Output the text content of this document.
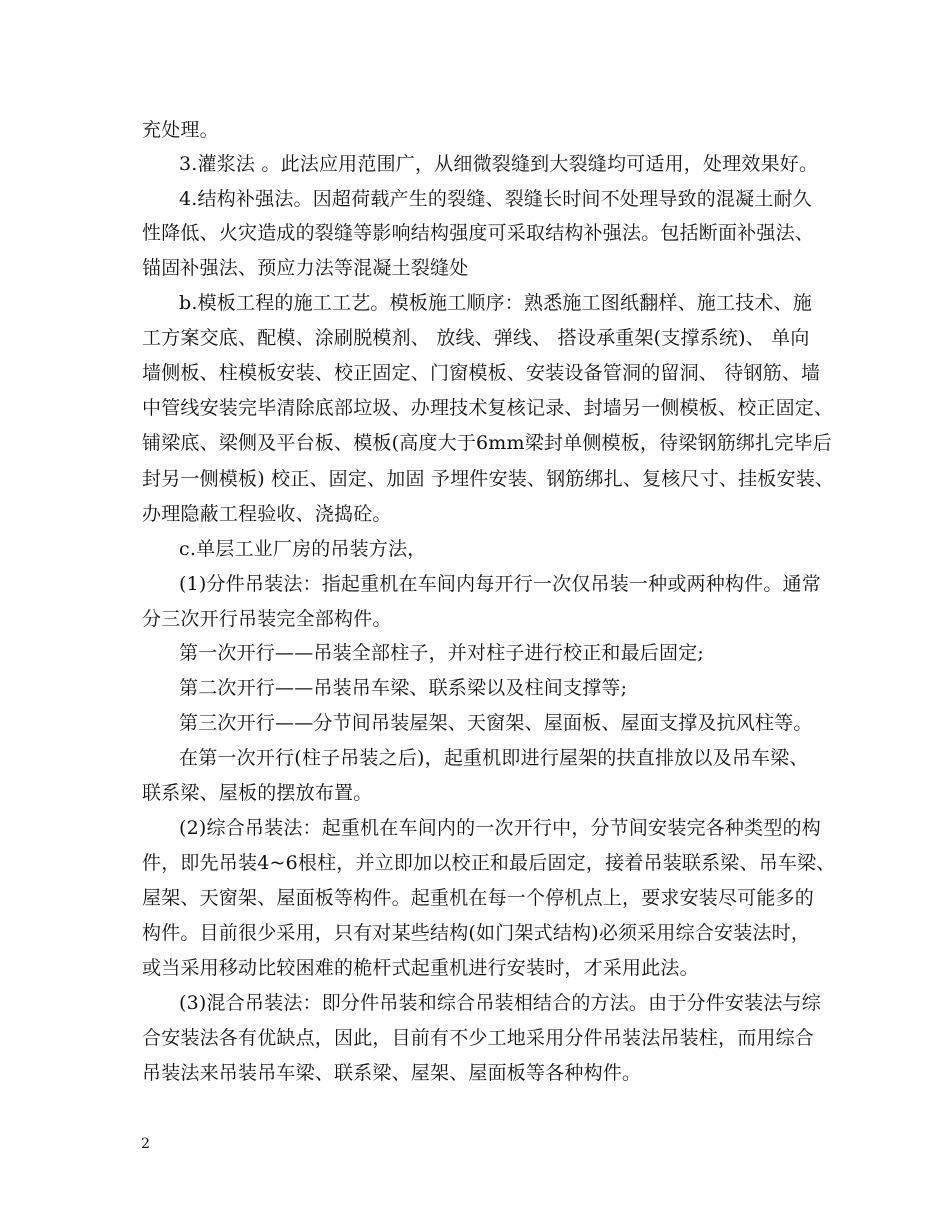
充处理。
3.灌浆法 。此法应用范围广，从细微裂缝到大裂缝均可适用，处理效果好。
4.结构补强法。因超荷载产生的裂缝、裂缝长时间不处理导致的混凝土耐久
性降低、火灾造成的裂缝等影响结构强度可采取结构补强法。包括断面补强法、
锚固补强法、预应力法等混凝土裂缝处
b.模板工程的施工工艺。模板施工顺序：熟悉施工图纸翻样、施工技术、施
工方案交底、配模、涂刷脱模剂、 放线、弹线、 搭设承重架(支撑系统)、 单向
墙侧板、柱模板安装、校正固定、门窗模板、安装设备管洞的留洞、 待钢筋、墙
中管线安装完毕清除底部垃圾、办理技术复核记录、封墙另一侧模板、校正固定、
铺梁底、梁侧及平台板、模板(高度大于6mm梁封单侧模板，待梁钢筋绑扎完毕后
封另一侧模板) 校正、固定、加固 予埋件安装、钢筋绑扎、复核尺寸、挂板安装、
办理隐蔽工程验收、浇捣砼。
c.单层工业厂房的吊装方法，
(1)分件吊装法：指起重机在车间内每开行一次仅吊装一种或两种构件。通常
分三次开行吊装完全部构件。
第一次开行——吊装全部柱子，并对柱子进行校正和最后固定;
第二次开行——吊装吊车梁、联系梁以及柱间支撑等;
第三次开行——分节间吊装屋架、天窗架、屋面板、屋面支撑及抗风柱等。
在第一次开行(柱子吊装之后)，起重机即进行屋架的扶直排放以及吊车梁、
联系梁、屋板的摆放布置。
(2)综合吊装法：起重机在车间内的一次开行中，分节间安装完各种类型的构
件，即先吊装4~6根柱，并立即加以校正和最后固定，接着吊装联系梁、吊车梁、
屋架、天窗架、屋面板等构件。起重机在每一个停机点上，要求安装尽可能多的
构件。目前很少采用，只有对某些结构(如门架式结构)必须采用综合安装法时，
或当采用移动比较困难的桅杆式起重机进行安装时，才采用此法。
(3)混合吊装法：即分件吊装和综合吊装相结合的方法。由于分件安装法与综
合安装法各有优缺点，因此，目前有不少工地采用分件吊装法吊装柱，而用综合
吊装法来吊装吊车梁、联系梁、屋架、屋面板等各种构件。
2
